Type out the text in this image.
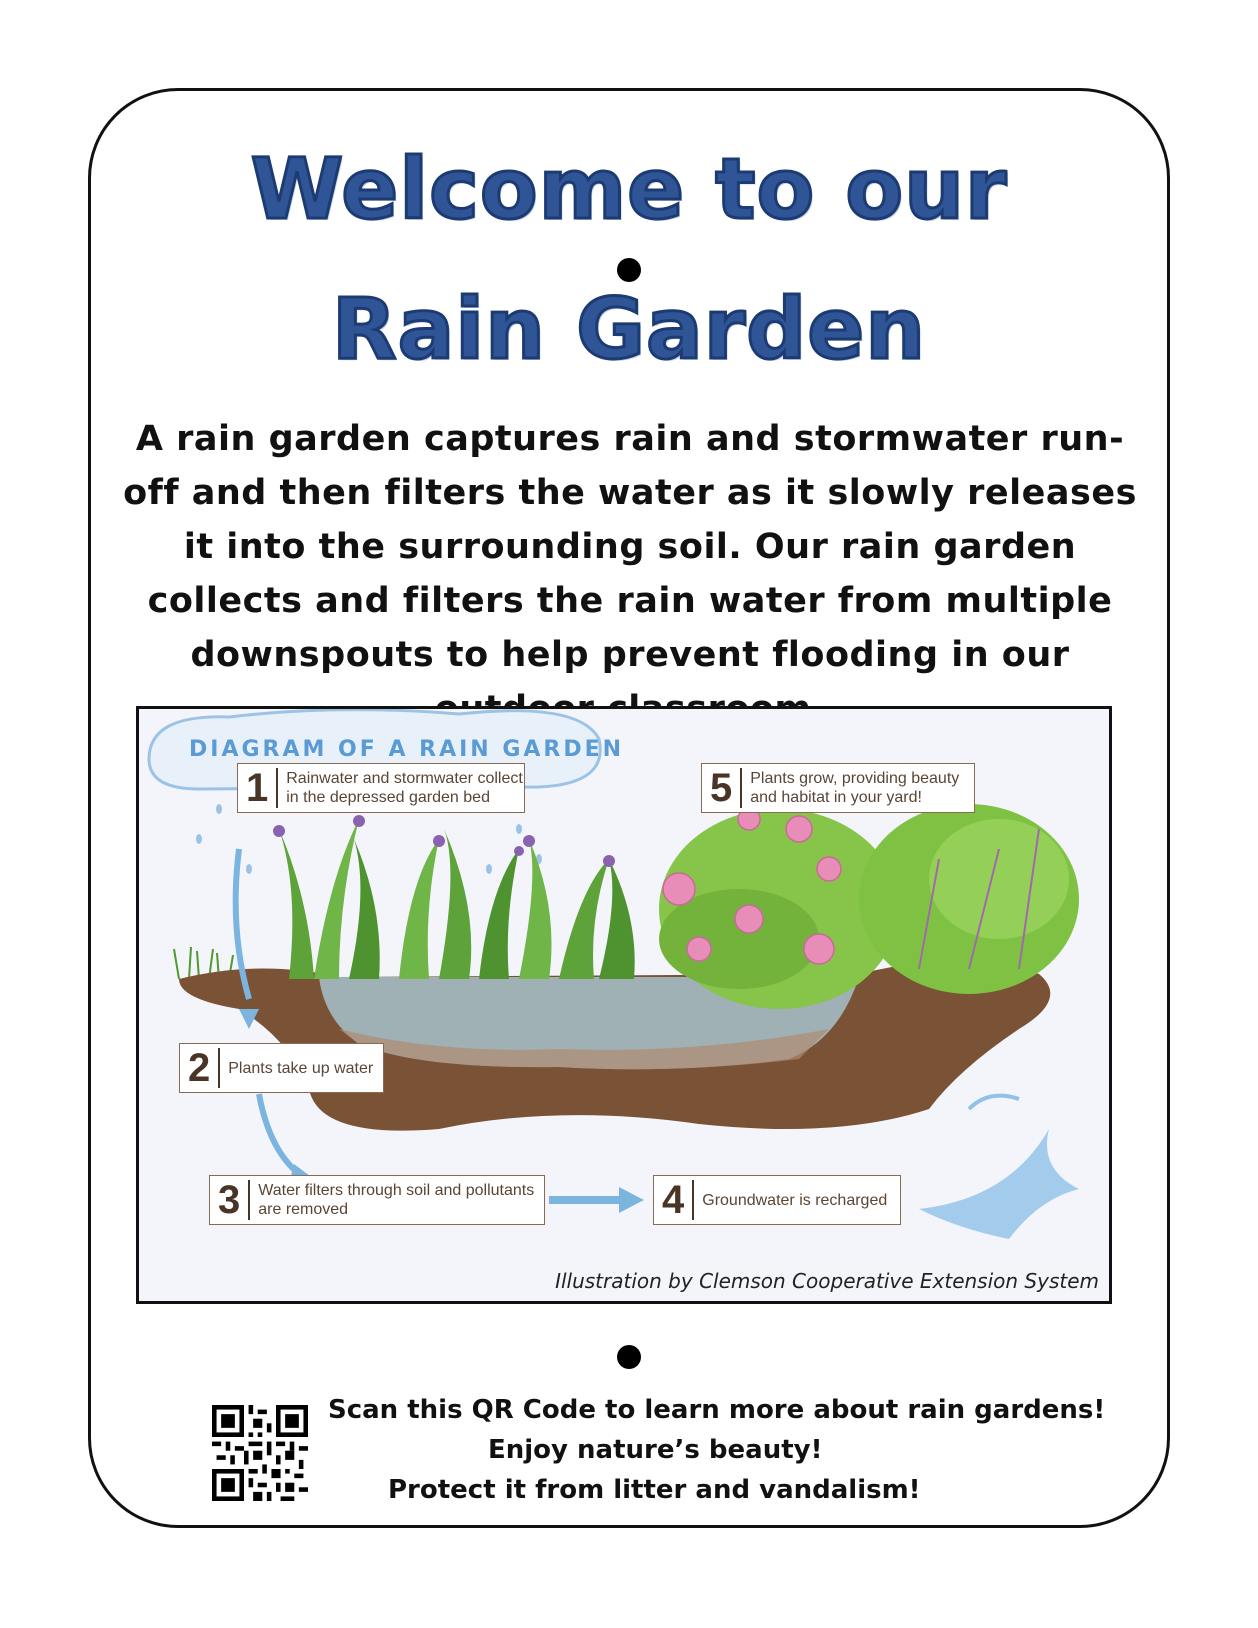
Welcome to our
Rain Garden
A rain garden captures rain and stormwater run-off and then filters the water as it slowly releases it into the surrounding soil. Our rain garden collects and filters the rain water from multiple downspouts to help prevent flooding in our
DIAGRAM OF A RAIN GARDEN
1	Rainwater and stormwater collect in the depressed garden bed
2	Plants take up water
3	Water filters through soil and pollutants are removed	4	Groundwater is recharged
5	Plants grow, providing beauty and habitat in your yard!
Illustration by Clemson Cooperative Extension System
Scan this QR Code to learn more about rain gardens!
Enjoy nature’s beauty!
Protect it from litter and vandalism!
